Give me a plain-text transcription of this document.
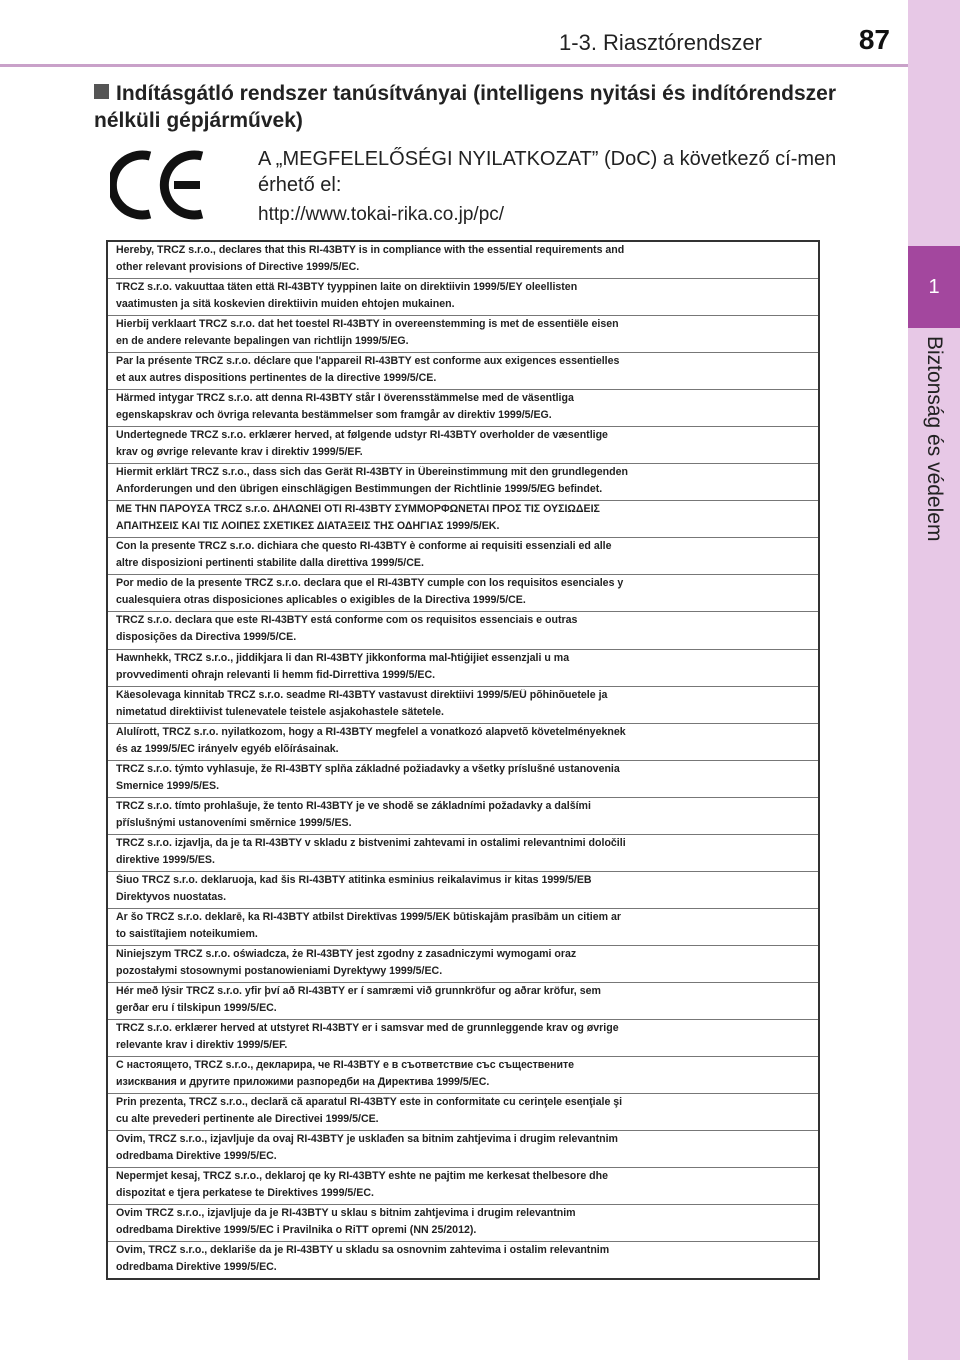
1-3. Riasztórendszer	87
1
Biztonság és védelem
Indításgátló rendszer tanúsítványai (intelligens nyitási és indítórendszer nélküli gépjárművek)
A „MEGFELELŐSÉGI NYILATKOZAT” (DoC) a következő cí-men érhető el:
http://www.tokai-rika.co.jp/pc/
Hereby, TRCZ s.r.o., declares that this RI-43BTY is in compliance with the essential requirements and
other relevant provisions of Directive 1999/5/EC.
TRCZ s.r.o. vakuuttaa täten että RI-43BTY tyyppinen laite on direktiivin 1999/5/EY oleellisten
vaatimusten ja sitä koskevien direktiivin muiden ehtojen mukainen.
Hierbij verklaart TRCZ s.r.o. dat het toestel RI-43BTY in overeenstemming is met de essentiële eisen
en de andere relevante bepalingen van richtlijn 1999/5/EG.
Par la présente TRCZ s.r.o. déclare que l'appareil RI-43BTY est conforme aux exigences essentielles
et aux autres dispositions pertinentes de la directive 1999/5/CE.
Härmed intygar TRCZ s.r.o. att denna RI-43BTY står I överensstämmelse med de väsentliga
egenskapskrav och övriga relevanta bestämmelser som framgår av direktiv 1999/5/EG.
Undertegnede TRCZ s.r.o. erklærer herved, at følgende udstyr RI-43BTY overholder de væsentlige
krav og øvrige relevante krav i direktiv 1999/5/EF.
Hiermit erklärt TRCZ s.r.o., dass sich das Gerät RI-43BTY in Übereinstimmung mit den grundlegenden
Anforderungen und den übrigen einschlägigen Bestimmungen der Richtlinie 1999/5/EG befindet.
ΜΕ ΤΗΝ ΠΑΡΟΥΣΑ TRCZ s.r.o. ΔΗΛΩΝΕΙ ΟΤΙ RI-43BTY ΣΥΜΜΟΡΦΩΝΕΤΑΙ ΠΡΟΣ ΤΙΣ ΟΥΣΙΩΔΕΙΣ
ΑΠΑΙΤΗΣΕΙΣ ΚΑΙ ΤΙΣ ΛΟΙΠΕΣ ΣΧΕΤΙΚΕΣ ΔΙΑΤΑΞΕΙΣ ΤΗΣ ΟΔΗΓΙΑΣ 1999/5/ΕΚ.
Con la presente TRCZ s.r.o. dichiara che questo RI-43BTY è conforme ai requisiti essenziali ed alle
altre disposizioni pertinenti stabilite dalla direttiva 1999/5/CE.
Por medio de la presente TRCZ s.r.o. declara que el RI-43BTY cumple con los requisitos esenciales y
cualesquiera otras disposiciones aplicables o exigibles de la Directiva 1999/5/CE.
TRCZ s.r.o. declara que este RI-43BTY está conforme com os requisitos essenciais e outras
disposições da Directiva 1999/5/CE.
Hawnhekk, TRCZ s.r.o., jiddikjara li dan RI-43BTY jikkonforma mal-ħtiġijiet essenzjali u ma
provvedimenti oħrajn relevanti li hemm fid-Dirrettiva 1999/5/EC.
Käesolevaga kinnitab TRCZ s.r.o. seadme RI-43BTY vastavust direktiivi 1999/5/EÜ põhinõuetele ja
nimetatud direktiivist tulenevatele teistele asjakohastele sätetele.
Alulírott, TRCZ s.r.o. nyilatkozom, hogy a RI-43BTY megfelel a vonatkozó alapvetõ követelményeknek
és az 1999/5/EC irányelv egyéb elõírásainak.
TRCZ s.r.o. týmto vyhlasuje, že RI-43BTY spĺňa základné požiadavky a všetky príslušné ustanovenia
Smernice 1999/5/ES.
TRCZ s.r.o. tímto prohlašuje, že tento RI-43BTY je ve shodě se základními požadavky a dalšími
příslušnými ustanoveními směrnice 1999/5/ES.
TRCZ s.r.o. izjavlja, da je ta RI-43BTY v skladu z bistvenimi zahtevami in ostalimi relevantnimi določili
direktive 1999/5/ES.
Šiuo TRCZ s.r.o. deklaruoja, kad šis RI-43BTY atitinka esminius reikalavimus ir kitas 1999/5/EB
Direktyvos nuostatas.
Ar šo TRCZ s.r.o. deklarē, ka RI-43BTY atbilst Direktīvas 1999/5/EK būtiskajām prasībām un citiem ar
to saistītajiem noteikumiem.
Niniejszym TRCZ s.r.o. oświadcza, że RI-43BTY jest zgodny z zasadniczymi wymogami oraz
pozostałymi stosownymi postanowieniami Dyrektywy 1999/5/EC.
Hér með lýsir TRCZ s.r.o. yfir því að RI-43BTY er í samræmi við grunnkröfur og aðrar kröfur, sem
gerðar eru í tilskipun 1999/5/EC.
TRCZ s.r.o. erklærer herved at utstyret RI-43BTY er i samsvar med de grunnleggende krav og øvrige
relevante krav i direktiv 1999/5/EF.
С настоящето, TRCZ s.r.o., декларира, че RI-43BTY е в съответствие със съществените
изисквания и другите приложими разпоредби на Директива 1999/5/ЕС.
Prin prezenta, TRCZ s.r.o., declară că aparatul RI-43BTY este in conformitate cu cerinţele esenţiale şi
cu alte prevederi pertinente ale Directivei 1999/5/CE.
Ovim, TRCZ s.r.o., izjavljuje da ovaj RI-43BTY je usklađen sa bitnim zahtjevima i drugim relevantnim
odredbama Direktive 1999/5/EC.
Nepermjet kesaj, TRCZ s.r.o., deklaroj qe ky RI-43BTY eshte ne pajtim me kerkesat thelbesore dhe
dispozitat e tjera perkatese te Direktives 1999/5/EC.
Ovim TRCZ s.r.o., izjavljuje da je RI-43BTY u sklau s bitnim zahtjevima i drugim relevantnim
odredbama Direktive 1999/5/EC i Pravilnika o RiTT opremi (NN 25/2012).
Ovim, TRCZ s.r.o., deklariše da je RI-43BTY u skladu sa osnovnim zahtevima i ostalim relevantnim
odredbama Direktive 1999/5/EC.
